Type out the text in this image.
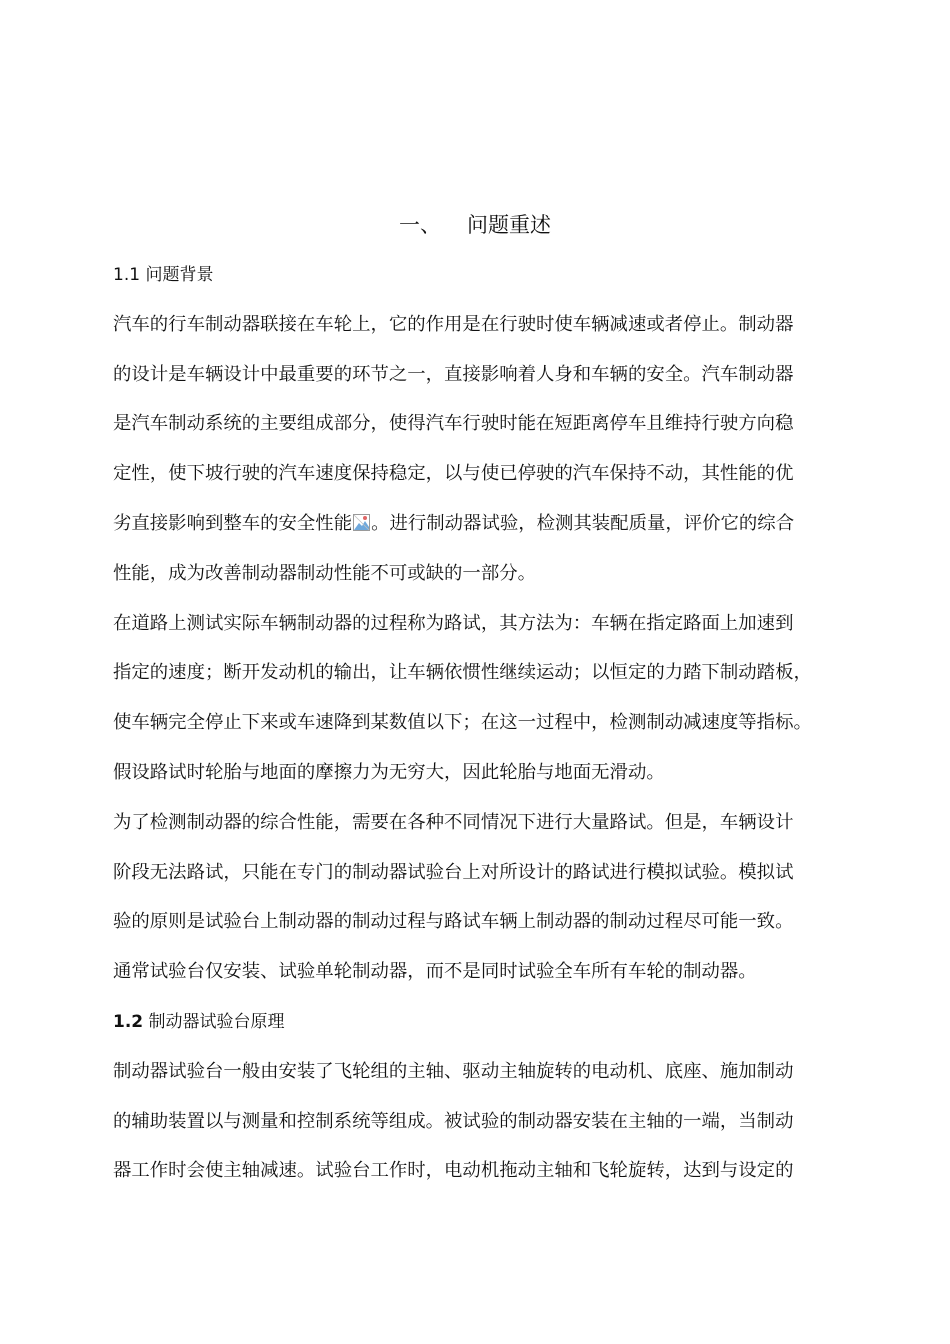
一、 问题重述
1.1 问题背景
汽车的行车制动器联接在车轮上，它的作用是在行驶时使车辆减速或者停止。制动器
的设计是车辆设计中最重要的环节之一，直接影响着人身和车辆的安全。汽车制动器
是汽车制动系统的主要组成部分，使得汽车行驶时能在短距离停车且维持行驶方向稳
定性，使下坡行驶的汽车速度保持稳定，以与使已停驶的汽车保持不动，其性能的优
劣直接影响到整车的安全性能 。进行制动器试验，检测其装配质量，评价它的综合
性能，成为改善制动器制动性能不可或缺的一部分。
在道路上测试实际车辆制动器的过程称为路试，其方法为：车辆在指定路面上加速到
指定的速度；断开发动机的输出，让车辆依惯性继续运动；以恒定的力踏下制动踏板，
使车辆完全停止下来或车速降到某数值以下；在这一过程中，检测制动减速度等指标。
假设路试时轮胎与地面的摩擦力为无穷大，因此轮胎与地面无滑动。
为了检测制动器的综合性能，需要在各种不同情况下进行大量路试。但是，车辆设计
阶段无法路试，只能在专门的制动器试验台上对所设计的路试进行模拟试验。模拟试
验的原则是试验台上制动器的制动过程与路试车辆上制动器的制动过程尽可能一致。
通常试验台仅安装、试验单轮制动器，而不是同时试验全车所有车轮的制动器。
1.2 制动器试验台原理
制动器试验台一般由安装了飞轮组的主轴、驱动主轴旋转的电动机、底座、施加制动
的辅助装置以与测量和控制系统等组成。被试验的制动器安装在主轴的一端，当制动
器工作时会使主轴减速。试验台工作时，电动机拖动主轴和飞轮旋转，达到与设定的
